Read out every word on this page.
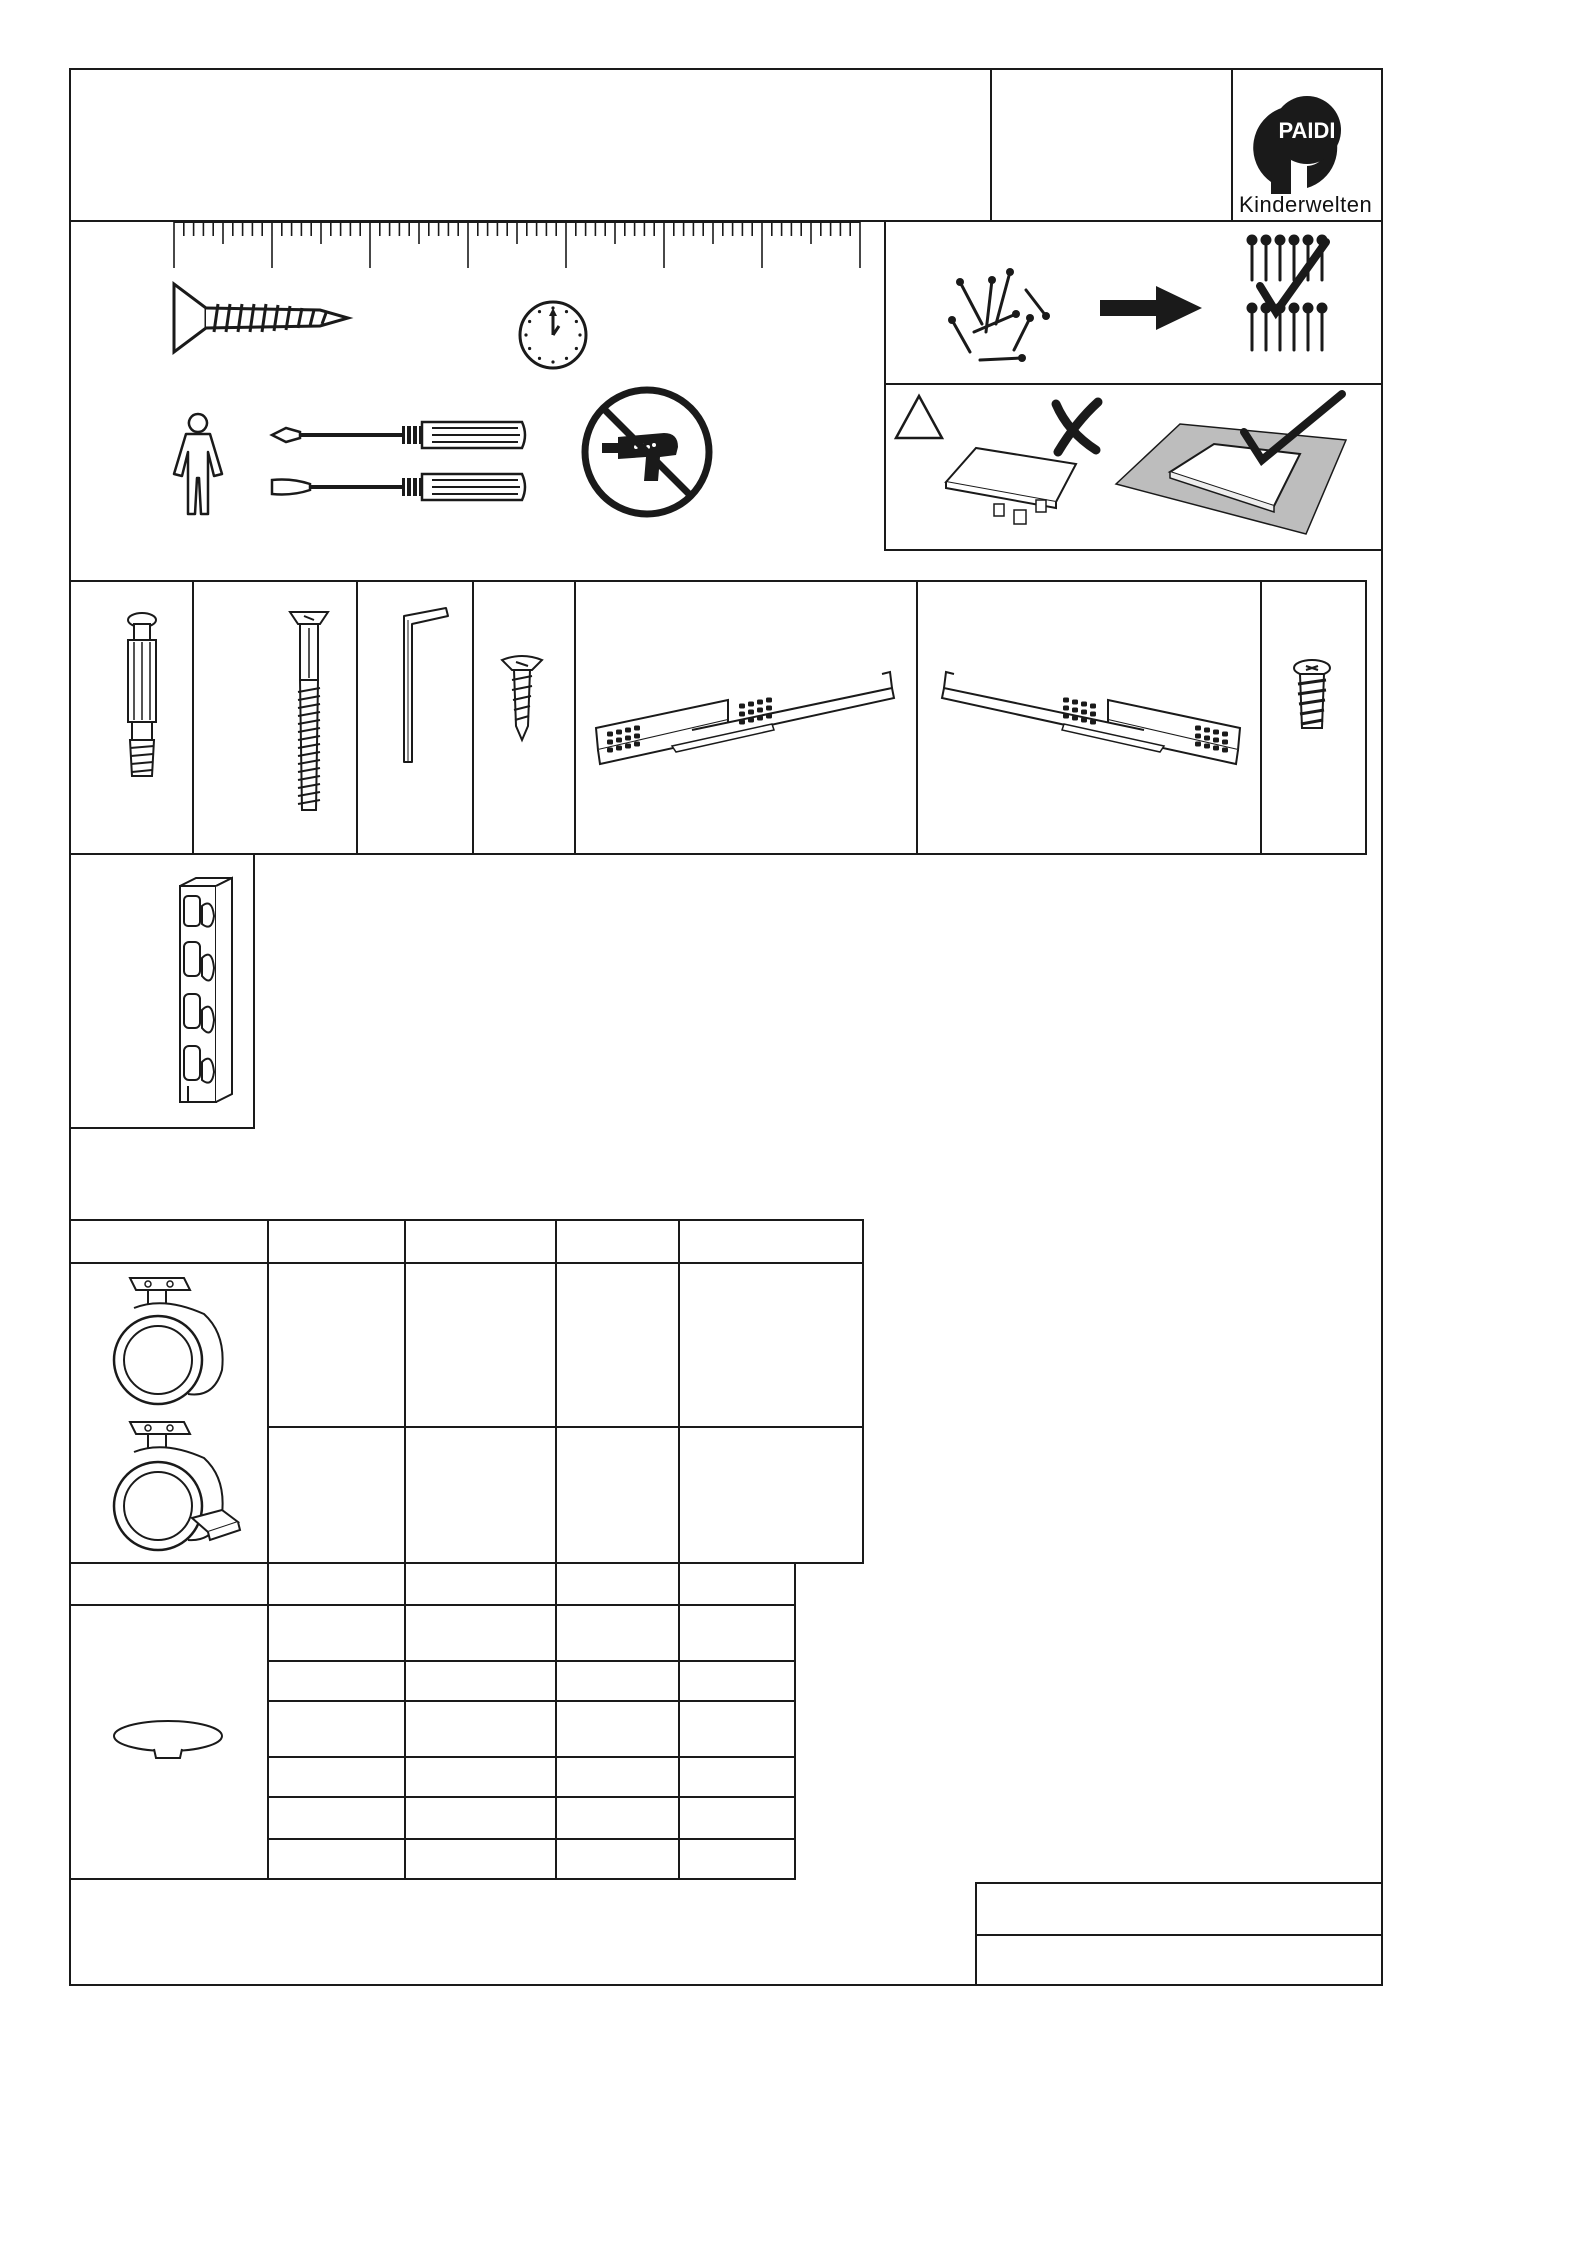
PAIDI
Kinderwelten
